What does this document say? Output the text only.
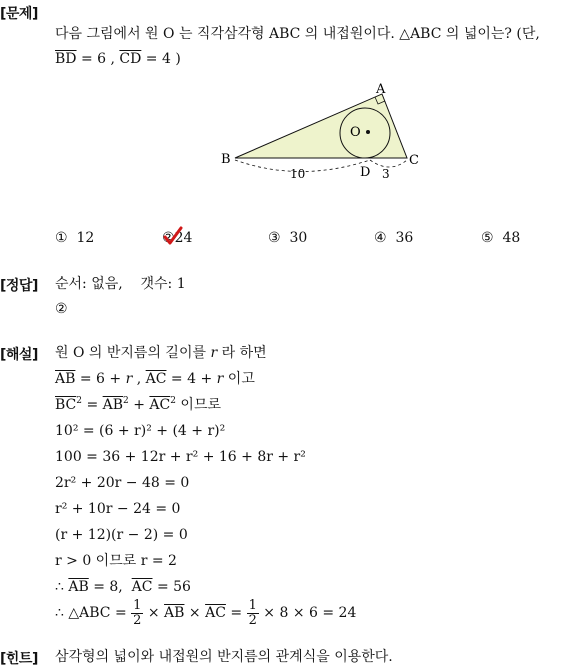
[문제]
다음 그림에서 원 O 는 직각삼각형 ABC 의 내접원이다. △ABC 의 넓이는? (단,
$\overline{BD} = 6$ , $\overline{CD} = 4$ )
A
B	C
D
O
10	3
① 12	②24	③ 30	④ 36	⑤ 48
[정답] 순서: 없음,    갯수: 1
②
[해설] 원 O 의 반지름의 길이를 r 라 하면
$\overline{AB} = 6 + r$ , $\overline{AC} = 4 + r$ 이고
$\overline{BC}^2 = \overline{AB}^2 + \overline{AC}^2$ 이므로
10² = (6 + r)² + (4 + r)²
100 = 36 + 12r + r² + 16 + 8r + r²
2r² + 20r − 48 = 0
r² + 10r − 24 = 0
(r + 12)(r − 2) = 0
r > 0 이므로 r = 2
∴ $\overline{AB} = 8$, $\overline{AC} = 56$
∴ △ABC = $\frac{1}{2} \times \overline{AB} \times \overline{AC} = \frac{1}{2} \times 8 \times 6 = 24$
[힌트] 삼각형의 넓이와 내접원의 반지름의 관계식을 이용한다.
